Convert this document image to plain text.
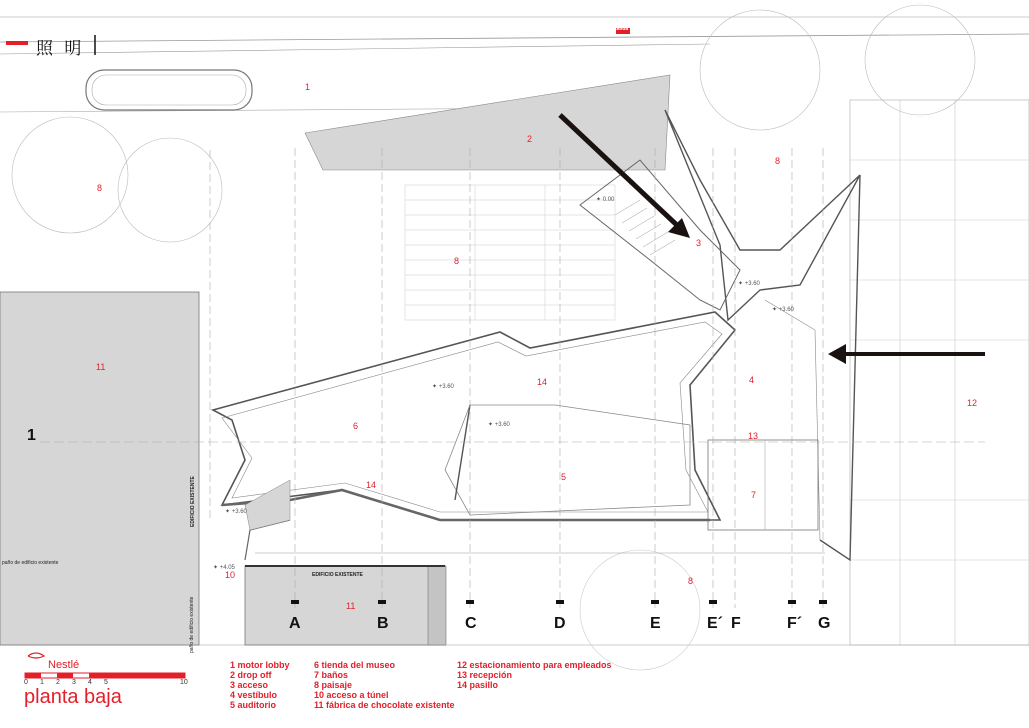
照 明
1
2
8
8
8
3
11
14	4
12
6
13
5
7
14
10
11
8
✦ 0.00
✦ +3.60
✦ +3.60
✦ +3.60
✦ +3.60
✦ +3.60
✦ +4.05
1
A	B	C	D	E	E´ F	F´ G
EDIFICIO EXISTENTE
EDIFICIO EXISTENTE
paño de edificio existente
paño de edificio existente
salida
Nestlé
0 1 2 3 4 5	10
planta baja
1 motor lobby
2 drop off
3 acceso
4 vestíbulo
5 auditorio
6 tienda del museo
7 baños
8 paisaje
10 acceso a túnel
11 fábrica de chocolate existente
12 estacionamiento para empleados
13 recepción
14 pasillo
